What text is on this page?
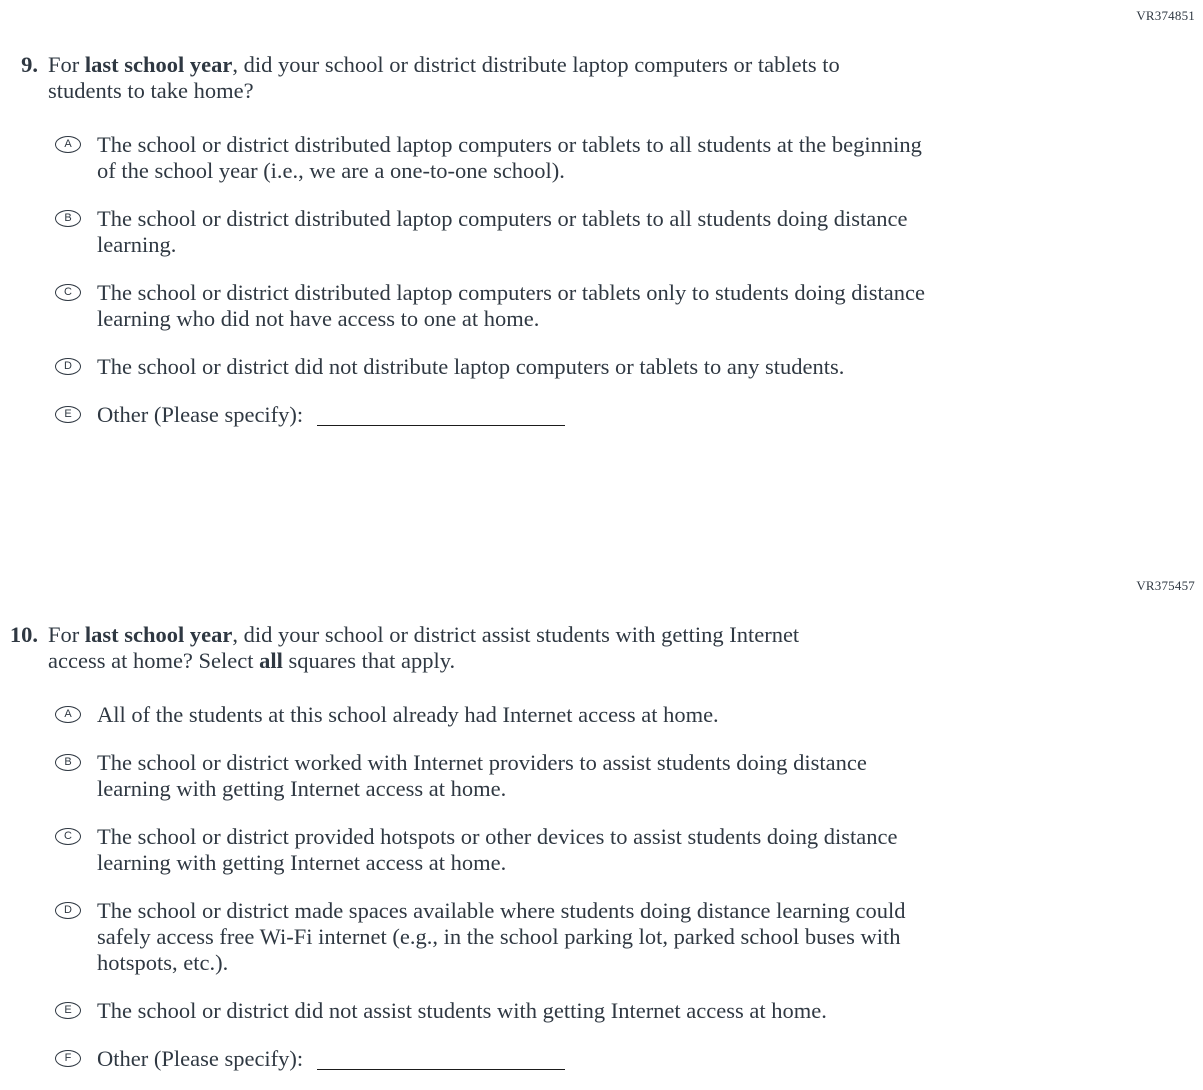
VR374851
9. For last school year, did your school or district distribute laptop computers or tablets to
students to take home?
A The school or district distributed laptop computers or tablets to all students at the beginning
of the school year (i.e., we are a one-to-one school).
B The school or district distributed laptop computers or tablets to all students doing distance
learning.
C The school or district distributed laptop computers or tablets only to students doing distance
learning who did not have access to one at home.
D The school or district did not distribute laptop computers or tablets to any students.
E Other (Please specify):
VR375457
10. For last school year, did your school or district assist students with getting Internet
access at home? Select all squares that apply.
A All of the students at this school already had Internet access at home.
B The school or district worked with Internet providers to assist students doing distance
learning with getting Internet access at home.
C The school or district provided hotspots or other devices to assist students doing distance
learning with getting Internet access at home.
D The school or district made spaces available where students doing distance learning could
safely access free Wi-Fi internet (e.g., in the school parking lot, parked school buses with
hotspots, etc.).
E The school or district did not assist students with getting Internet access at home.
F Other (Please specify):
